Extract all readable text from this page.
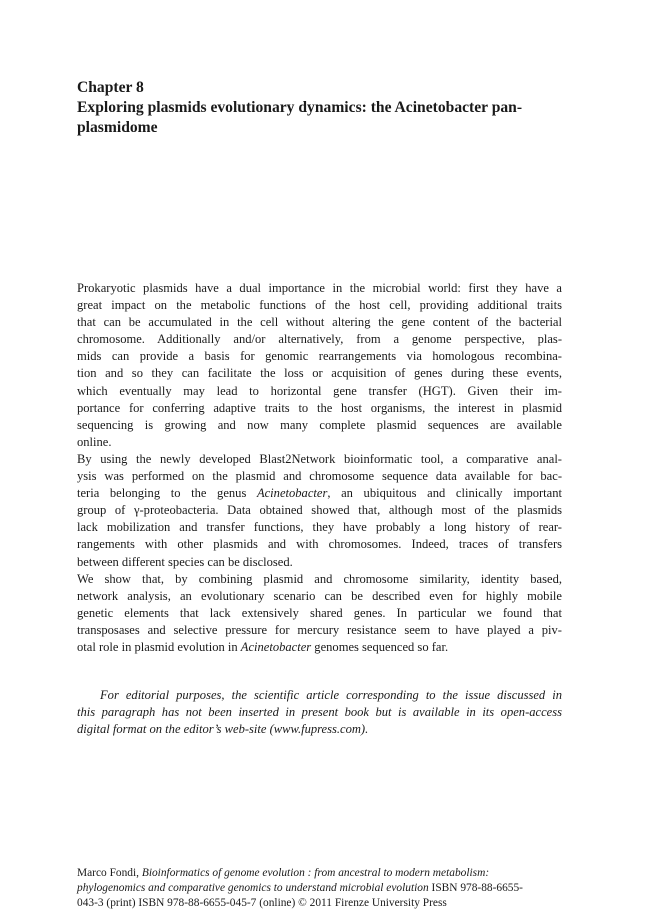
Chapter 8
Exploring plasmids evolutionary dynamics: the Acinetobacter pan-
plasmidome
Prokaryotic plasmids have a dual importance in the microbial world: first they have a
great impact on the metabolic functions of the host cell, providing additional traits
that can be accumulated in the cell without altering the gene content of the bacterial
chromosome. Additionally and/or alternatively, from a genome perspective, plas-
mids can provide a basis for genomic rearrangements via homologous recombina-
tion and so they can facilitate the loss or acquisition of genes during these events,
which eventually may lead to horizontal gene transfer (HGT). Given their im-
portance for conferring adaptive traits to the host organisms, the interest in plasmid
sequencing is growing and now many complete plasmid sequences are available
online.
By using the newly developed Blast2Network bioinformatic tool, a comparative anal-
ysis was performed on the plasmid and chromosome sequence data available for bac-
teria belonging to the genus Acinetobacter, an ubiquitous and clinically important
group of γ-proteobacteria. Data obtained showed that, although most of the plasmids
lack mobilization and transfer functions, they have probably a long history of rear-
rangements with other plasmids and with chromosomes. Indeed, traces of transfers
between different species can be disclosed.
We show that, by combining plasmid and chromosome similarity, identity based,
network analysis, an evolutionary scenario can be described even for highly mobile
genetic elements that lack extensively shared genes. In particular we found that
transposases and selective pressure for mercury resistance seem to have played a piv-
otal role in plasmid evolution in Acinetobacter genomes sequenced so far.
For editorial purposes, the scientific article corresponding to the issue discussed in
this paragraph has not been inserted in present book but is available in its open-access
digital format on the editor’s web-site (www.fupress.com).
Marco Fondi, Bioinformatics of genome evolution : from ancestral to modern metabolism:
phylogenomics and comparative genomics to understand microbial evolution ISBN 978-88-6655-
043-3 (print) ISBN 978-88-6655-045-7 (online) © 2011 Firenze University Press
